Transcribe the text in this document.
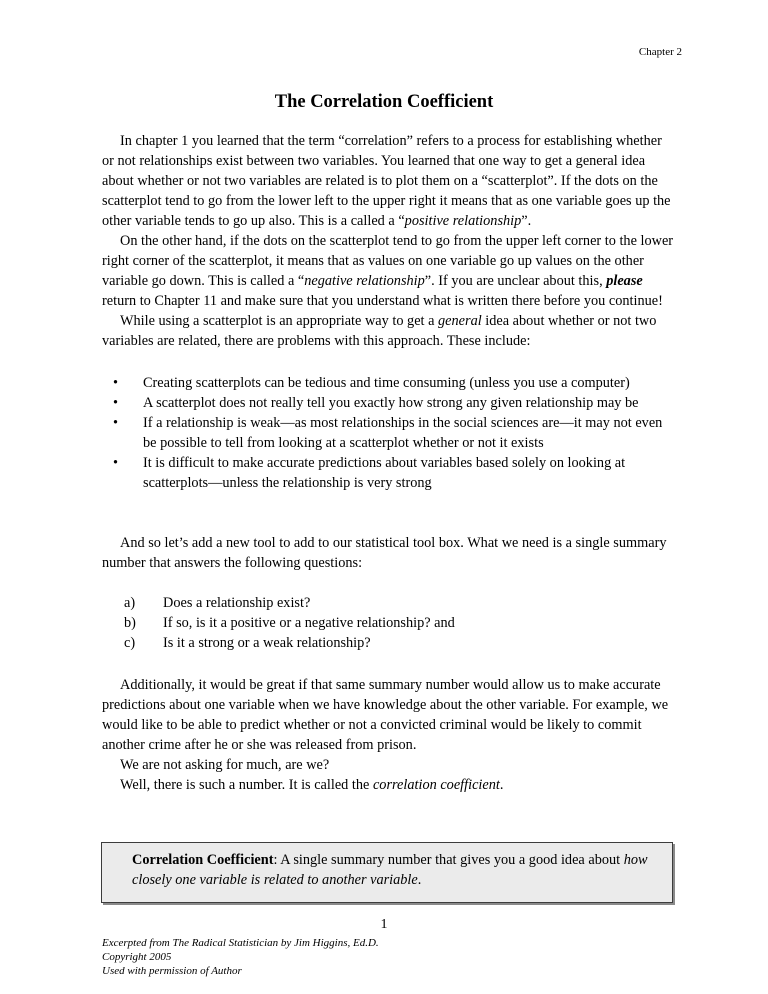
Chapter 2
The Correlation Coefficient

In chapter 1 you learned that the term “correlation” refers to a process for establishing whether or not relationships exist between two variables. You learned that one way to get a general idea about whether or not two variables are related is to plot them on a “scatterplot”. If the dots on the scatterplot tend to go from the lower left to the upper right it means that as one variable goes up the other variable tends to go up also. This is a called a “positive relationship”.

On the other hand, if the dots on the scatterplot tend to go from the upper left corner to the lower right corner of the scatterplot, it means that as values on one variable go up values on the other variable go down. This is called a “negative relationship”. If you are unclear about this, please return to Chapter 11 and make sure that you understand what is written there before you continue!

While using a scatterplot is an appropriate way to get a general idea about whether or not two variables are related, there are problems with this approach. These include:

• Creating scatterplots can be tedious and time consuming (unless you use a computer)
• A scatterplot does not really tell you exactly how strong any given relationship may be
• If a relationship is weak—as most relationships in the social sciences are—it may not even be possible to tell from looking at a scatterplot whether or not it exists
• It is difficult to make accurate predictions about variables based solely on looking at scatterplots—unless the relationship is very strong

And so let’s add a new tool to add to our statistical tool box. What we need is a single summary number that answers the following questions:

a) Does a relationship exist?
b) If so, is it a positive or a negative relationship? and
c) Is it a strong or a weak relationship?

Additionally, it would be great if that same summary number would allow us to make accurate predictions about one variable when we have knowledge about the other variable. For example, we would like to be able to predict whether or not a convicted criminal would be likely to commit another crime after he or she was released from prison.

We are not asking for much, are we?

Well, there is such a number. It is called the correlation coefficient.

Correlation Coefficient: A single summary number that gives you a good idea about how closely one variable is related to another variable.
1
Excerpted from The Radical Statistician by Jim Higgins, Ed.D.
Copyright 2005
Used with permission of Author
